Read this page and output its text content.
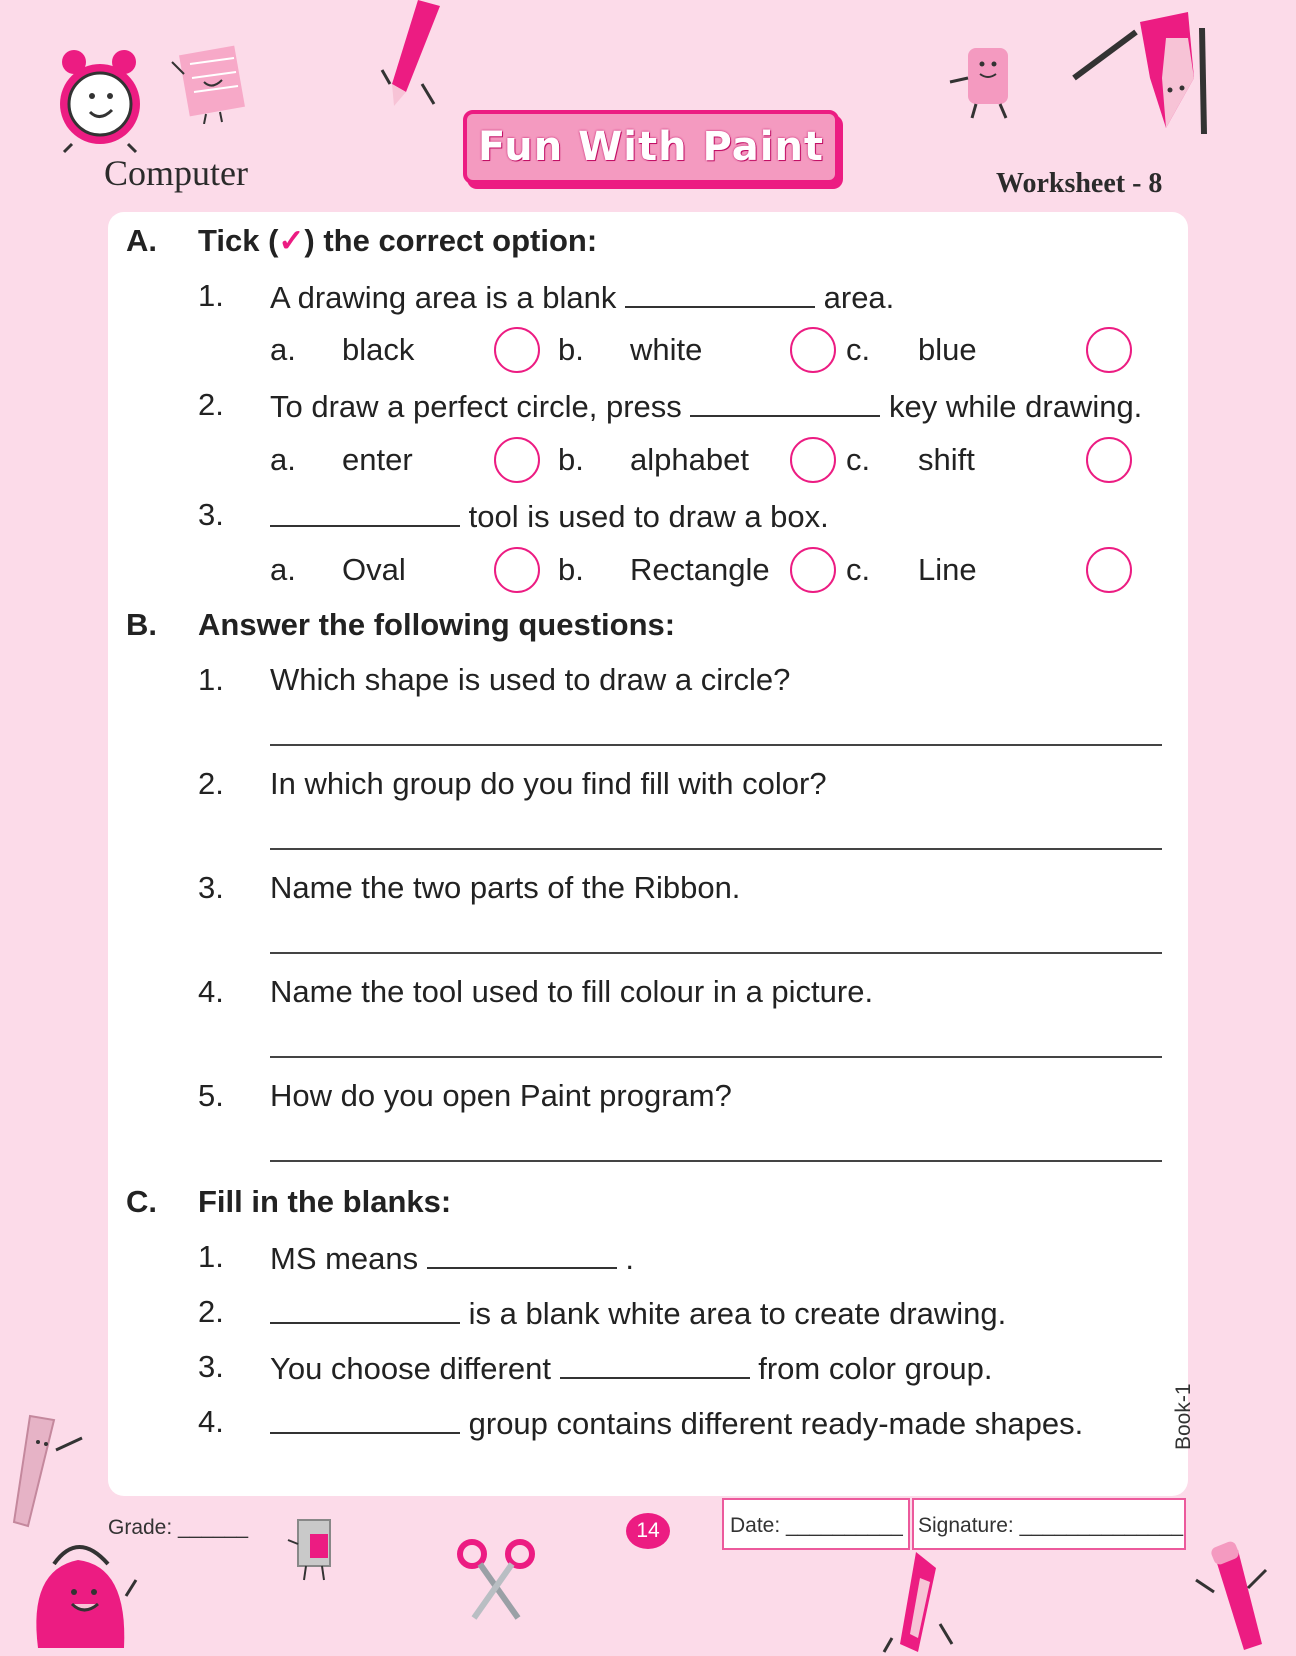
Computer
Fun With Paint
Worksheet - 8
A. Tick (✓) the correct option:
1. A drawing area is a blank	area.
a. black	b. white	c. blue
2. To draw a perfect circle, press	key while drawing.
a. enter	b. alphabet	c. shift
3.	tool is used to draw a box.
a. Oval	b. Rectangle c. Line
B. Answer the following questions:
1. Which shape is used to draw a circle?
2. In which group do you find fill with color?
3. Name the two parts of the Ribbon.
4. Name the tool used to fill colour in a picture.
5. How do you open Paint program?
C. Fill in the blanks:
1. MS means	.
2.	is a blank white area to create drawing.
3. You choose different	from color group.
4.	group contains different ready-made shapes.
Grade: ______	14	Date: __________ Signature: ______________
Book-1
